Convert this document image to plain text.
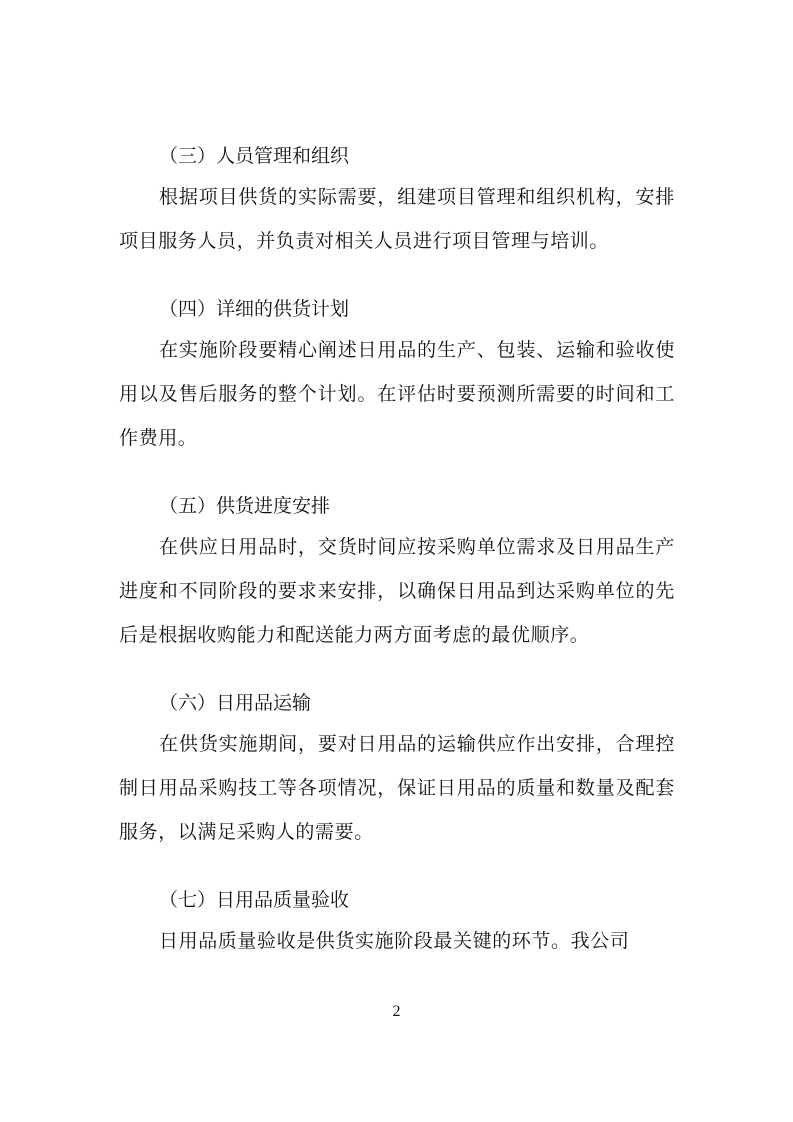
（三）人员管理和组织

根据项目供货的实际需要，组建项目管理和组织机构，安排项目服务人员，并负责对相关人员进行项目管理与培训。

（四）详细的供货计划

在实施阶段要精心阐述日用品的生产、包装、运输和验收使用以及售后服务的整个计划。在评估时要预测所需要的时间和工作费用。

（五）供货进度安排

在供应日用品时，交货时间应按采购单位需求及日用品生产进度和不同阶段的要求来安排，以确保日用品到达采购单位的先后是根据收购能力和配送能力两方面考虑的最优顺序。

（六）日用品运输

在供货实施期间，要对日用品的运输供应作出安排，合理控制日用品采购技工等各项情况，保证日用品的质量和数量及配套服务，以满足采购人的需要。

（七）日用品质量验收

日用品质量验收是供货实施阶段最关键的环节。我公司

2
